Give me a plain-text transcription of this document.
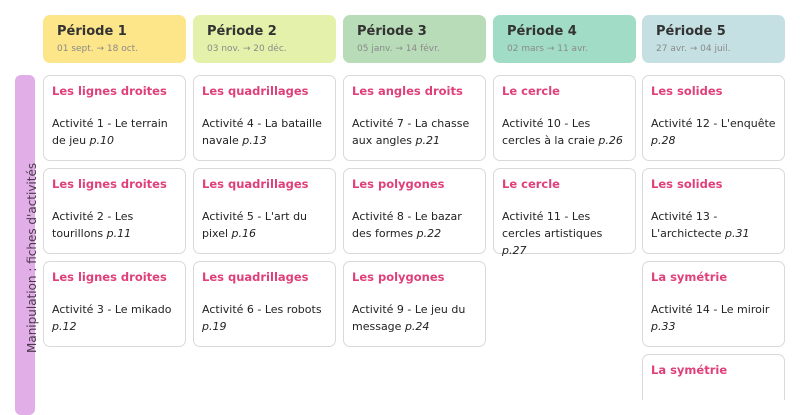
Période 1
01 sept. → 18 oct.
Période 2
03 nov. → 20 déc.
Période 3
05 janv. → 14 févr.
Période 4
02 mars → 11 avr.
Période 5
27 avr. → 04 juil.
Manipulation : fiches d'activités
Les lignes droites
Activité 1 - Le terrain de jeu p.10
Les lignes droites
Activité 2 - Les tourillons p.11
Les lignes droites
Activité 3 - Le mikado p.12
Les quadrillages
Activité 4 - La bataille navale p.13
Les quadrillages
Activité 5 - L'art du pixel p.16
Les quadrillages
Activité 6 - Les robots p.19
Les angles droits
Activité 7 - La chasse aux angles p.21
Les polygones
Activité 8 - Le bazar des formes p.22
Les polygones
Activité 9 - Le jeu du message p.24
Le cercle
Activité 10 - Les cercles à la craie p.26
Le cercle
Activité 11 - Les cercles artistiques p.27
Les solides
Activité 12 - L'enquête p.28
Les solides
Activité 13 - L'archictecte p.31
La symétrie
Activité 14 - Le miroir p.33
La symétrie
